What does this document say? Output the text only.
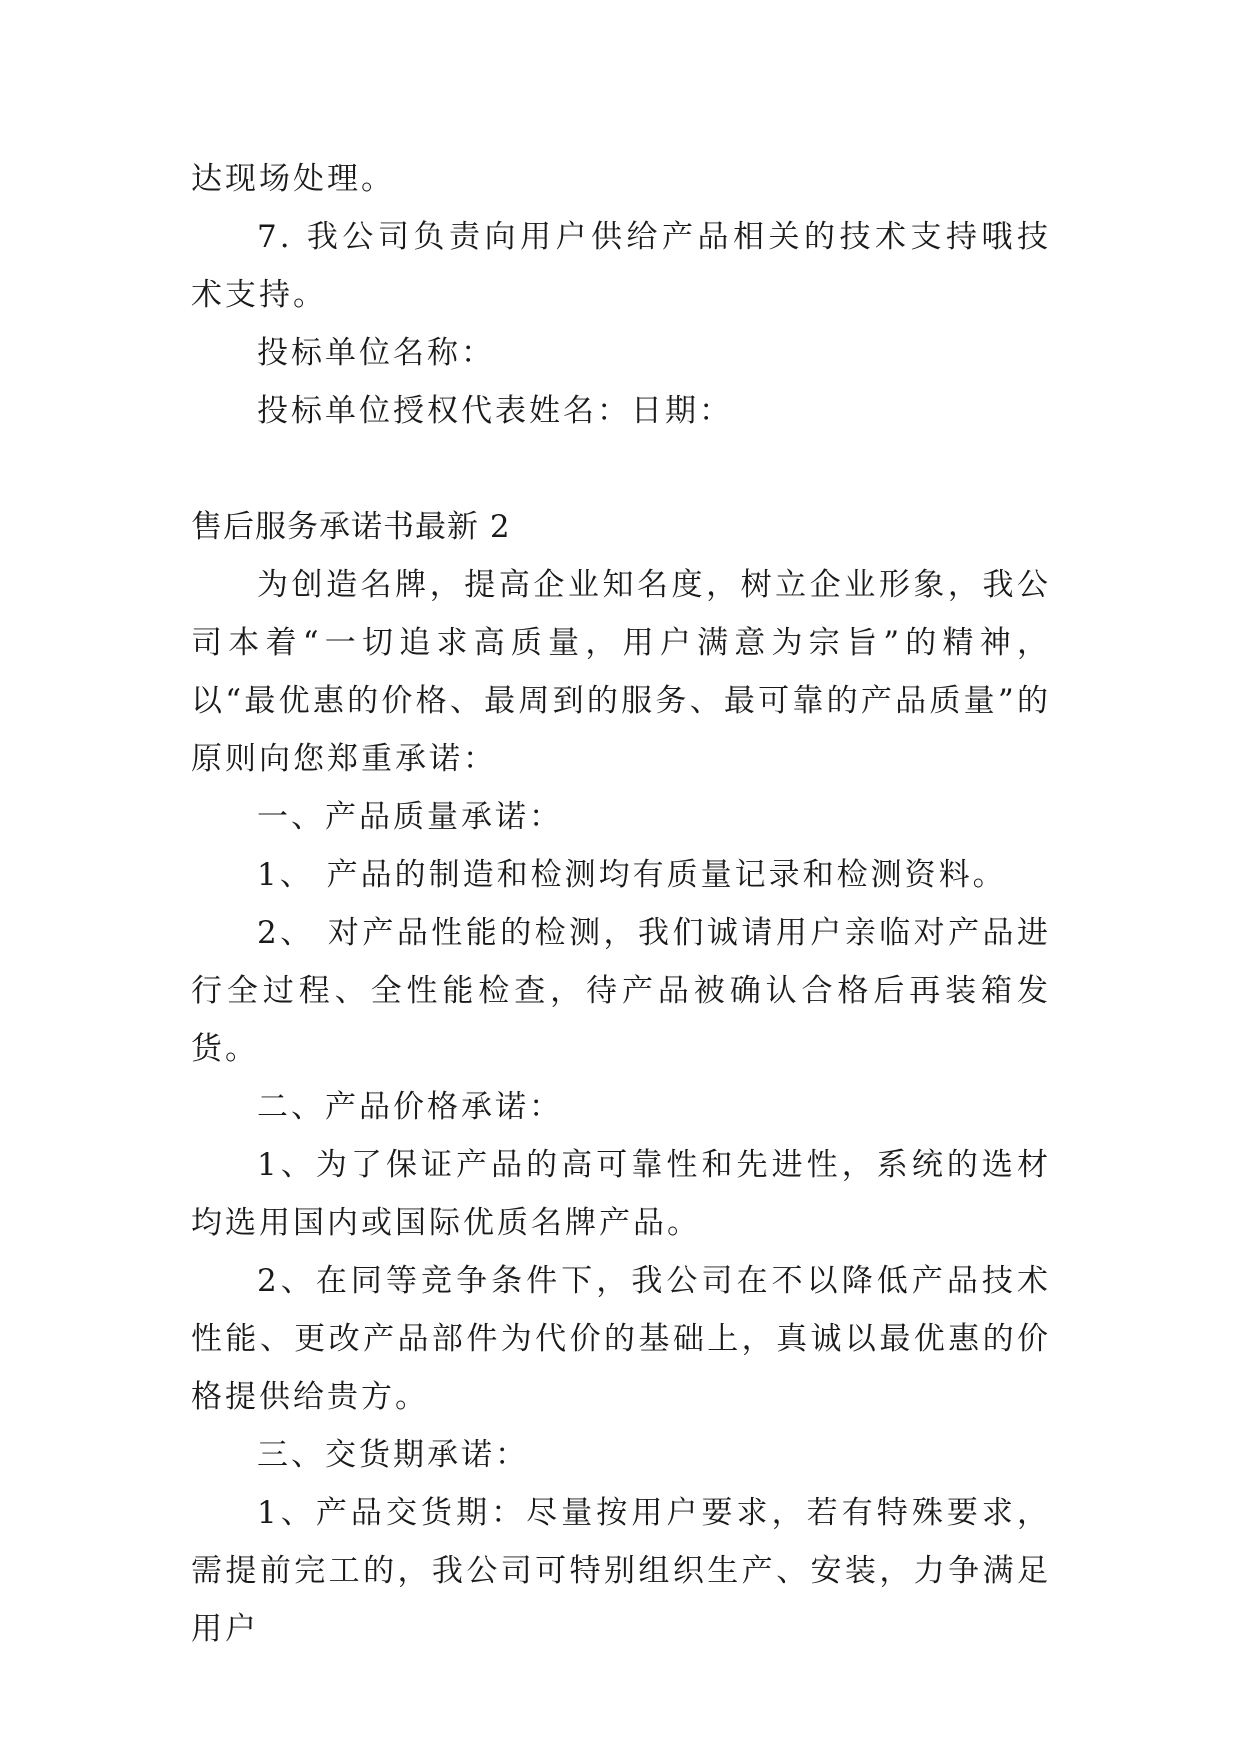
达现场处理。

7. 我公司负责向用户供给产品相关的技术支持哦技术支持。

投标单位名称：

投标单位授权代表姓名：日期：

售后服务承诺书最新 2

为创造名牌，提高企业知名度，树立企业形象，我公司本着“一切追求高质量，用户满意为宗旨”的精神，以“最优惠的价格、最周到的服务、最可靠的产品质量”的原则向您郑重承诺：

一、产品质量承诺：

1、 产品的制造和检测均有质量记录和检测资料。

2、 对产品性能的检测，我们诚请用户亲临对产品进行全过程、全性能检查，待产品被确认合格后再装箱发货。

二、产品价格承诺：

1、为了保证产品的高可靠性和先进性，系统的选材均选用国内或国际优质名牌产品。

2、在同等竞争条件下，我公司在不以降低产品技术性能、更改产品部件为代价的基础上，真诚以最优惠的价格提供给贵方。

三、交货期承诺：

1、产品交货期：尽量按用户要求，若有特殊要求，需提前完工的，我公司可特别组织生产、安装，力争满足用户
